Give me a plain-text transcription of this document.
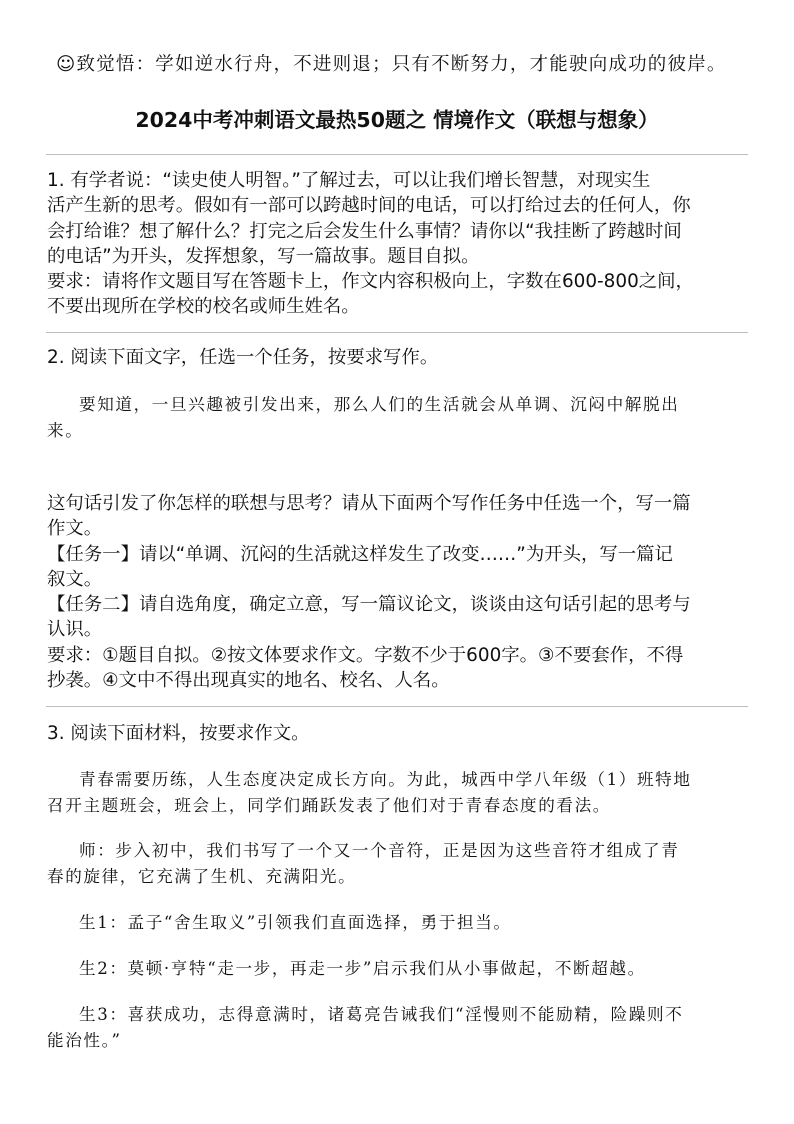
☺致觉悟：学如逆水行舟，不进则退；只有不断努力，才能驶向成功的彼岸。
2024中考冲刺语文最热50题之 情境作文（联想与想象）
1. 有学者说：“读史使人明智。”了解过去，可以让我们增长智慧，对现实生
活产生新的思考。假如有一部可以跨越时间的电话，可以打给过去的任何人，你
会打给谁？想了解什么？打完之后会发生什么事情？请你以“我挂断了跨越时间
的电话”为开头，发挥想象，写一篇故事。题目自拟。
要求：请将作文题目写在答题卡上，作文内容积极向上，字数在600-800之间，
不要出现所在学校的校名或师生姓名。
2. 阅读下面文字，任选一个任务，按要求写作。
要知道，一旦兴趣被引发出来，那么人们的生活就会从单调、沉闷中解脱出
来。
这句话引发了你怎样的联想与思考？请从下面两个写作任务中任选一个，写一篇
作文。
【任务一】请以“单调、沉闷的生活就这样发生了改变……”为开头，写一篇记
叙文。
【任务二】请自选角度，确定立意，写一篇议论文，谈谈由这句话引起的思考与
认识。
要求：①题目自拟。②按文体要求作文。字数不少于600字。③不要套作，不得
抄袭。④文中不得出现真实的地名、校名、人名。
3. 阅读下面材料，按要求作文。
青春需要历练，人生态度决定成长方向。为此，城西中学八年级（1）班特地
召开主题班会，班会上，同学们踊跃发表了他们对于青春态度的看法。
师：步入初中，我们书写了一个又一个音符，正是因为这些音符才组成了青
春的旋律，它充满了生机、充满阳光。
生1：孟子“舍生取义”引领我们直面选择，勇于担当。
生2：莫顿·亨特“走一步，再走一步”启示我们从小事做起，不断超越。
生3：喜获成功，志得意满时，诸葛亮告诫我们“淫慢则不能励精，险躁则不
能治性。”
